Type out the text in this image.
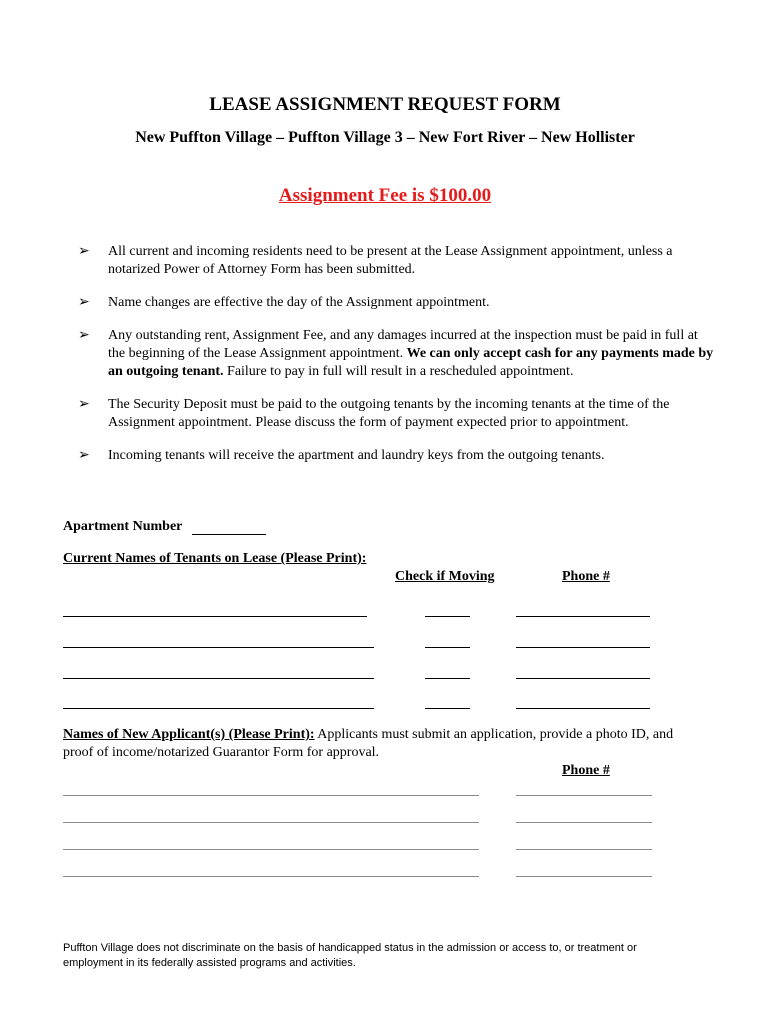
LEASE ASSIGNMENT REQUEST FORM
New Puffton Village – Puffton Village 3 – New Fort River – New Hollister
Assignment Fee is $100.00
➢ All current and incoming residents need to be present at the Lease Assignment appointment, unless a notarized Power of Attorney Form has been submitted.
➢ Name changes are effective the day of the Assignment appointment.
➢ Any outstanding rent, Assignment Fee, and any damages incurred at the inspection must be paid in full at the beginning of the Lease Assignment appointment. We can only accept cash for any payments made by an outgoing tenant. Failure to pay in full will result in a rescheduled appointment.
➢ The Security Deposit must be paid to the outgoing tenants by the incoming tenants at the time of the Assignment appointment. Please discuss the form of payment expected prior to appointment.
➢ Incoming tenants will receive the apartment and laundry keys from the outgoing tenants.
Apartment Number
Current Names of Tenants on Lease (Please Print):
Check if Moving	Phone #
Names of New Applicant(s) (Please Print): Applicants must submit an application, provide a photo ID, and proof of income/notarized Guarantor Form for approval.
Phone #
Puffton Village does not discriminate on the basis of handicapped status in the admission or access to, or treatment or employment in its federally assisted programs and activities.
